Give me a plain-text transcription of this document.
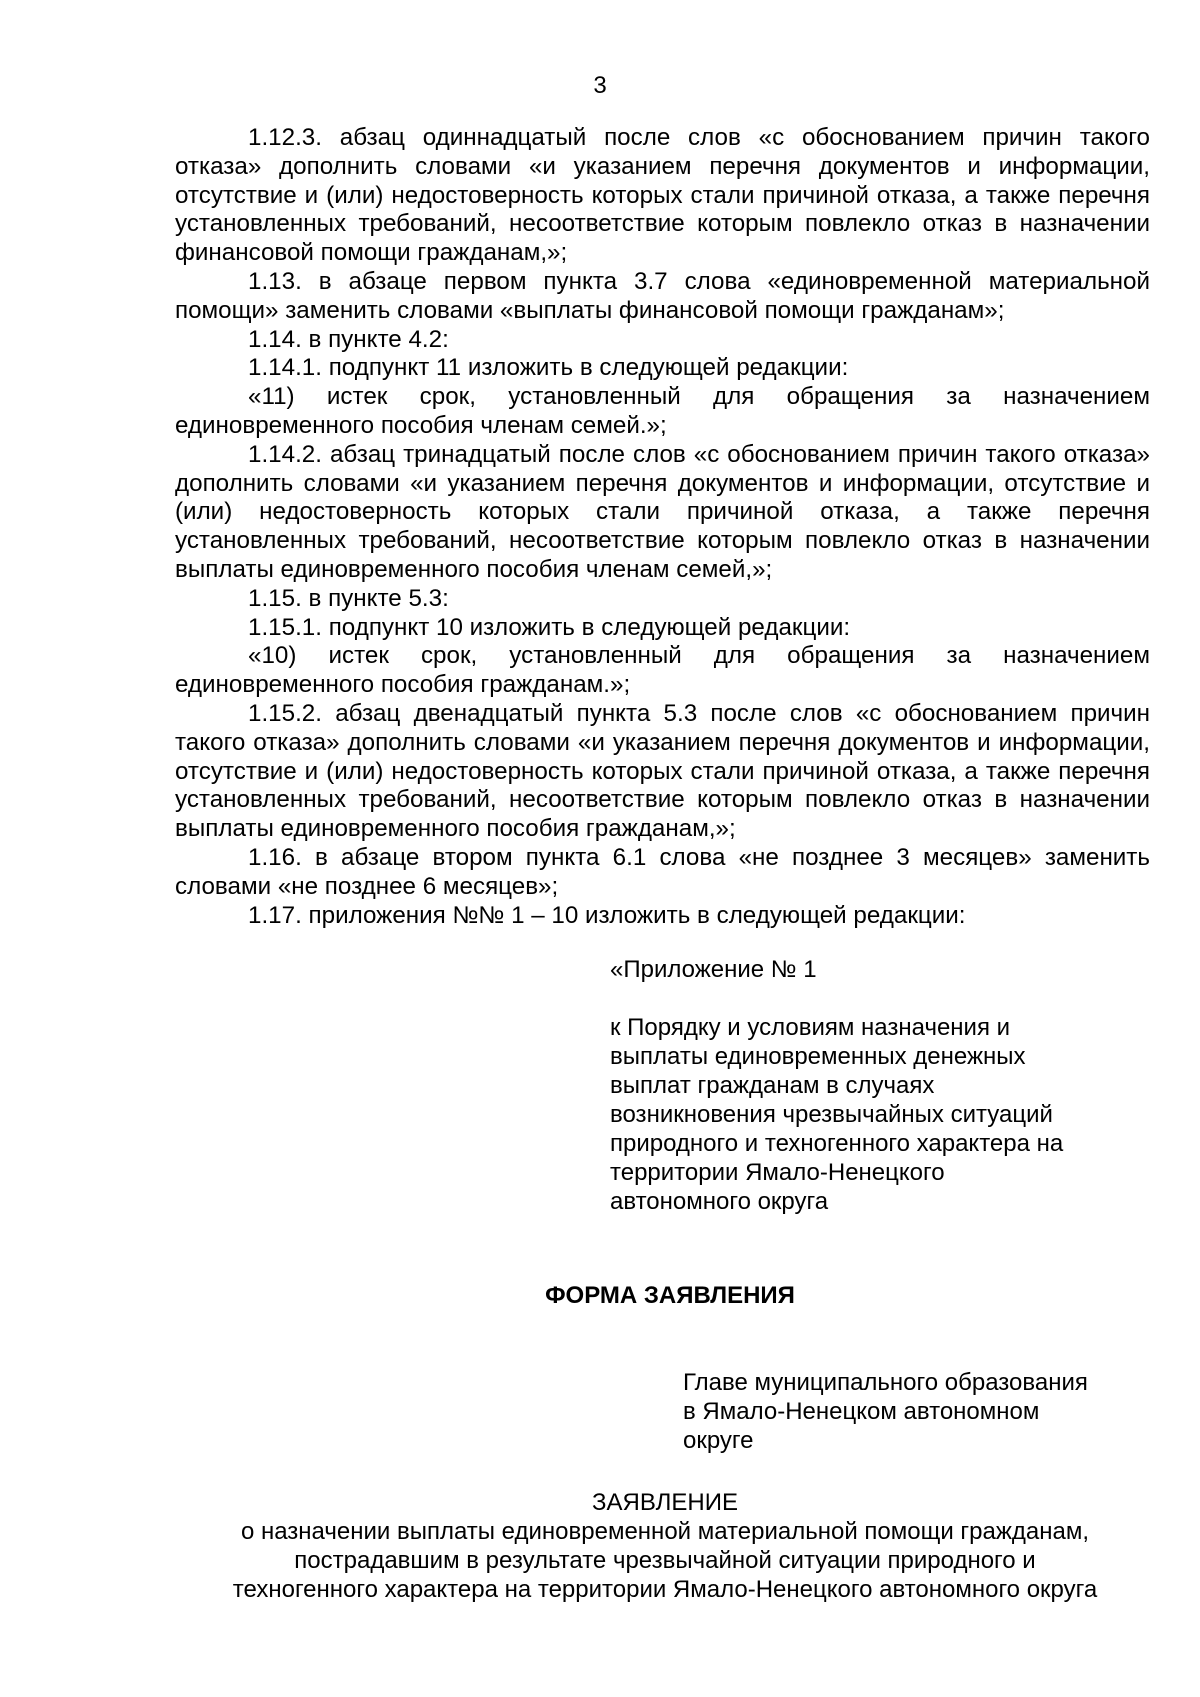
3

1.12.3. абзац одиннадцатый после слов «с обоснованием причин такого отказа» дополнить словами «и указанием перечня документов и информации, отсутствие и (или) недостоверность которых стали причиной отказа, а также перечня установленных требований, несоответствие которым повлекло отказ в назначении финансовой помощи гражданам,»;

1.13. в абзаце первом пункта 3.7 слова «единовременной материальной помощи» заменить словами «выплаты финансовой помощи гражданам»;

1.14. в пункте 4.2:

1.14.1. подпункт 11 изложить в следующей редакции:

«11) истек срок, установленный для обращения за назначением единовременного пособия членам семей.»;

1.14.2. абзац тринадцатый после слов «с обоснованием причин такого отказа» дополнить словами «и указанием перечня документов и информации, отсутствие и (или) недостоверность которых стали причиной отказа, а также перечня установленных требований, несоответствие которым повлекло отказ в назначении выплаты единовременного пособия членам семей,»;

1.15. в пункте 5.3:

1.15.1. подпункт 10 изложить в следующей редакции:

«10) истек срок, установленный для обращения за назначением единовременного пособия гражданам.»;

1.15.2. абзац двенадцатый пункта 5.3 после слов «с обоснованием причин такого отказа» дополнить словами «и указанием перечня документов и информации, отсутствие и (или) недостоверность которых стали причиной отказа, а также перечня установленных требований, несоответствие которым повлекло отказ в назначении выплаты единовременного пособия гражданам,»;

1.16. в абзаце втором пункта 6.1 слова «не позднее 3 месяцев» заменить словами «не позднее 6 месяцев»;

1.17. приложения №№ 1 – 10 изложить в следующей редакции:

«Приложение № 1
к Порядку и условиям назначения и
выплаты единовременных денежных
выплат гражданам в случаях
возникновения чрезвычайных ситуаций
природного и техногенного характера на
территории Ямало-Ненецкого
автономного округа
ФОРМА ЗАЯВЛЕНИЯ
Главе муниципального образования
в Ямало-Ненецком автономном
округе
ЗАЯВЛЕНИЕ
о назначении выплаты единовременной материальной помощи гражданам,
пострадавшим в результате чрезвычайной ситуации природного и
техногенного характера на территории Ямало-Ненецкого автономного округа
